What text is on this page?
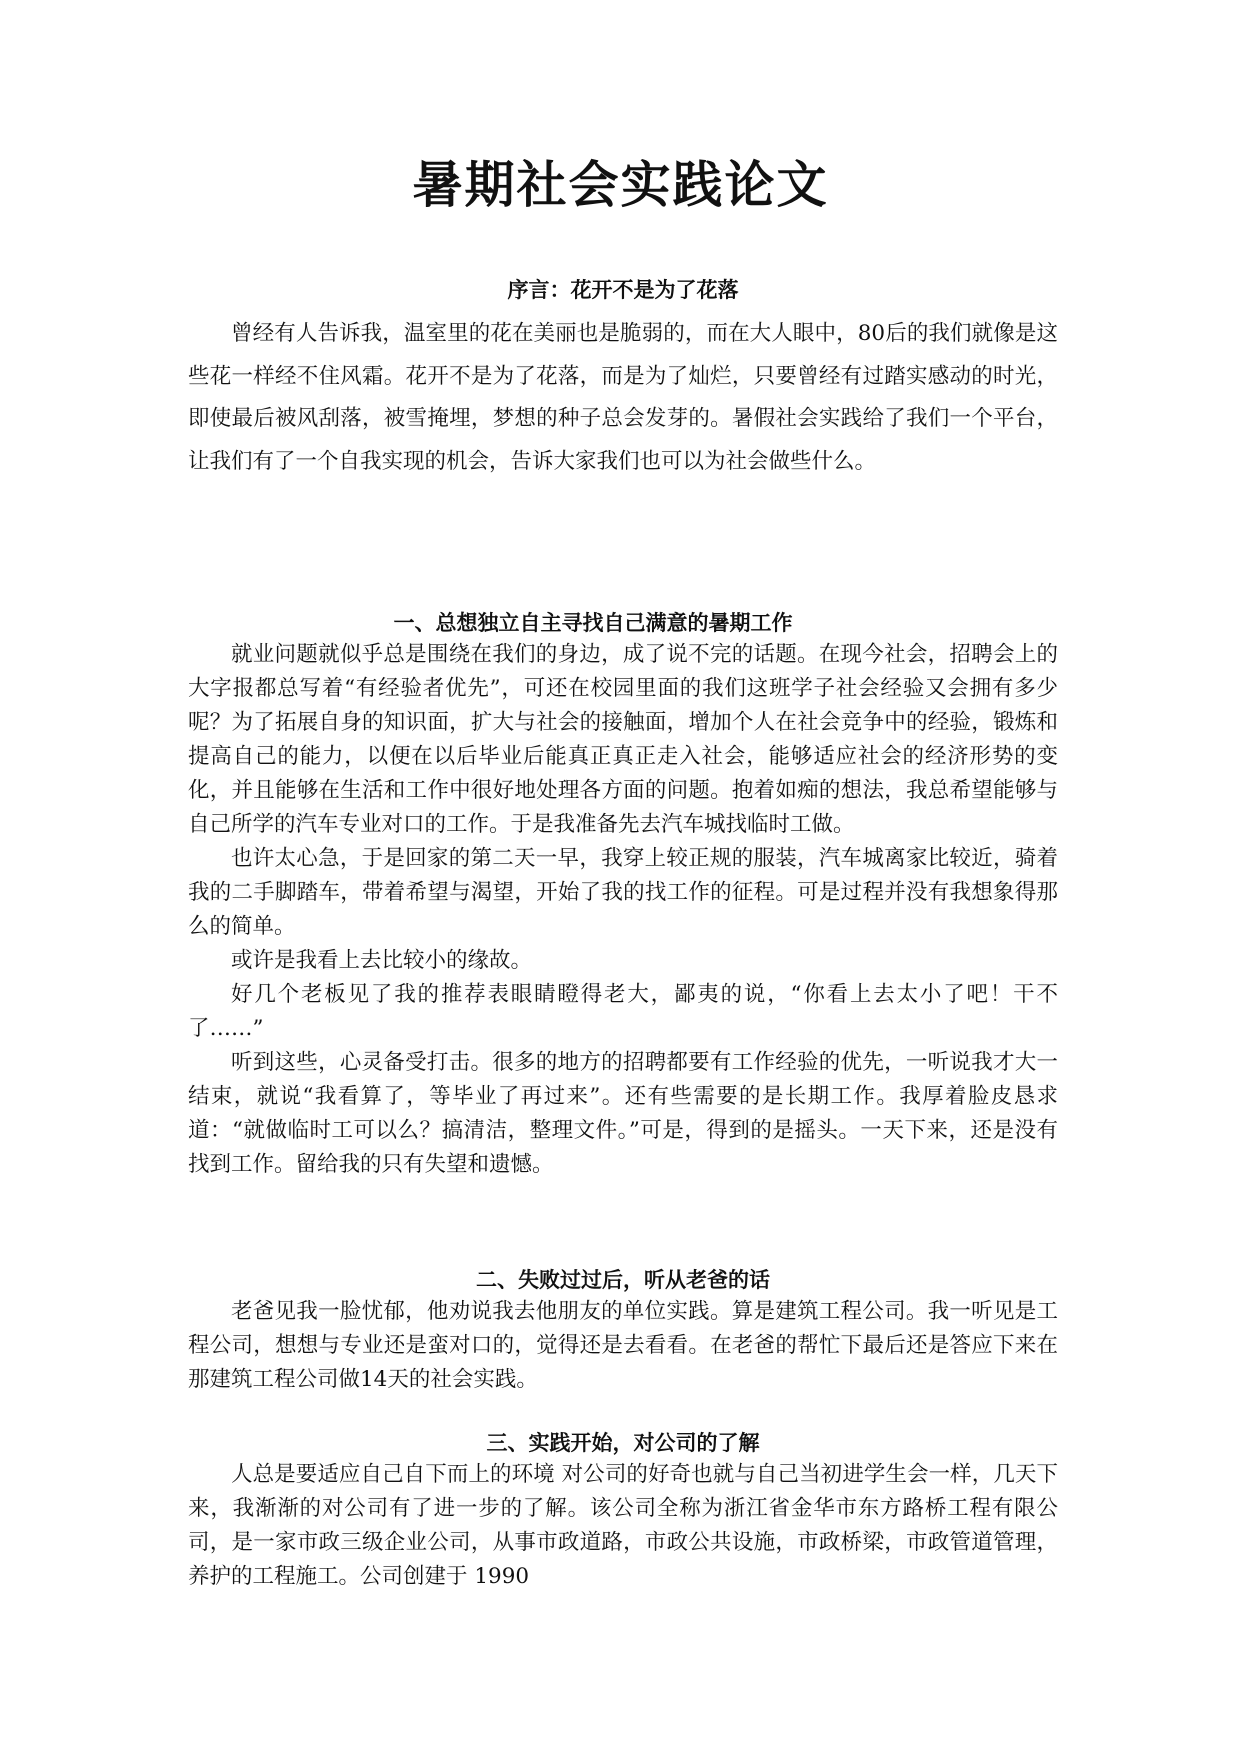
暑期社会实践论文
序言：花开不是为了花落

曾经有人告诉我，温室里的花在美丽也是脆弱的，而在大人眼中，80后的我们就像是这些花一样经不住风霜。花开不是为了花落，而是为了灿烂，只要曾经有过踏实感动的时光，即使最后被风刮落，被雪掩埋，梦想的种子总会发芽的。暑假社会实践给了我们一个平台，让我们有了一个自我实现的机会，告诉大家我们也可以为社会做些什么。

一、总想独立自主寻找自己满意的暑期工作

就业问题就似乎总是围绕在我们的身边，成了说不完的话题。在现今社会，招聘会上的大字报都总写着“有经验者优先”，可还在校园里面的我们这班学子社会经验又会拥有多少呢？为了拓展自身的知识面，扩大与社会的接触面，增加个人在社会竞争中的经验，锻炼和提高自己的能力，以便在以后毕业后能真正真正走入社会，能够适应社会的经济形势的变化，并且能够在生活和工作中很好地处理各方面的问题。抱着如痴的想法，我总希望能够与自己所学的汽车专业对口的工作。于是我准备先去汽车城找临时工做。

也许太心急，于是回家的第二天一早，我穿上较正规的服装，汽车城离家比较近，骑着我的二手脚踏车，带着希望与渴望，开始了我的找工作的征程。可是过程并没有我想象得那么的简单。

或许是我看上去比较小的缘故。

好几个老板见了我的推荐表眼睛瞪得老大，鄙夷的说，“你看上去太小了吧！干不了……”

听到这些，心灵备受打击。很多的地方的招聘都要有工作经验的优先，一听说我才大一结束，就说“我看算了，等毕业了再过来”。还有些需要的是长期工作。我厚着脸皮恳求道：“就做临时工可以么？搞清洁，整理文件。”可是，得到的是摇头。一天下来，还是没有找到工作。留给我的只有失望和遗憾。

二、失败过过后，听从老爸的话

老爸见我一脸忧郁，他劝说我去他朋友的单位实践。算是建筑工程公司。我一听见是工程公司，想想与专业还是蛮对口的，觉得还是去看看。在老爸的帮忙下最后还是答应下来在那建筑工程公司做14天的社会实践。

三、实践开始，对公司的了解

人总是要适应自己自下而上的环境 对公司的好奇也就与自己当初进学生会一样，几天下来，我渐渐的对公司有了进一步的了解。该公司全称为浙江省金华市东方路桥工程有限公司，是一家市政三级企业公司，从事市政道路，市政公共设施，市政桥梁，市政管道管理，养护的工程施工。公司创建于 1990
